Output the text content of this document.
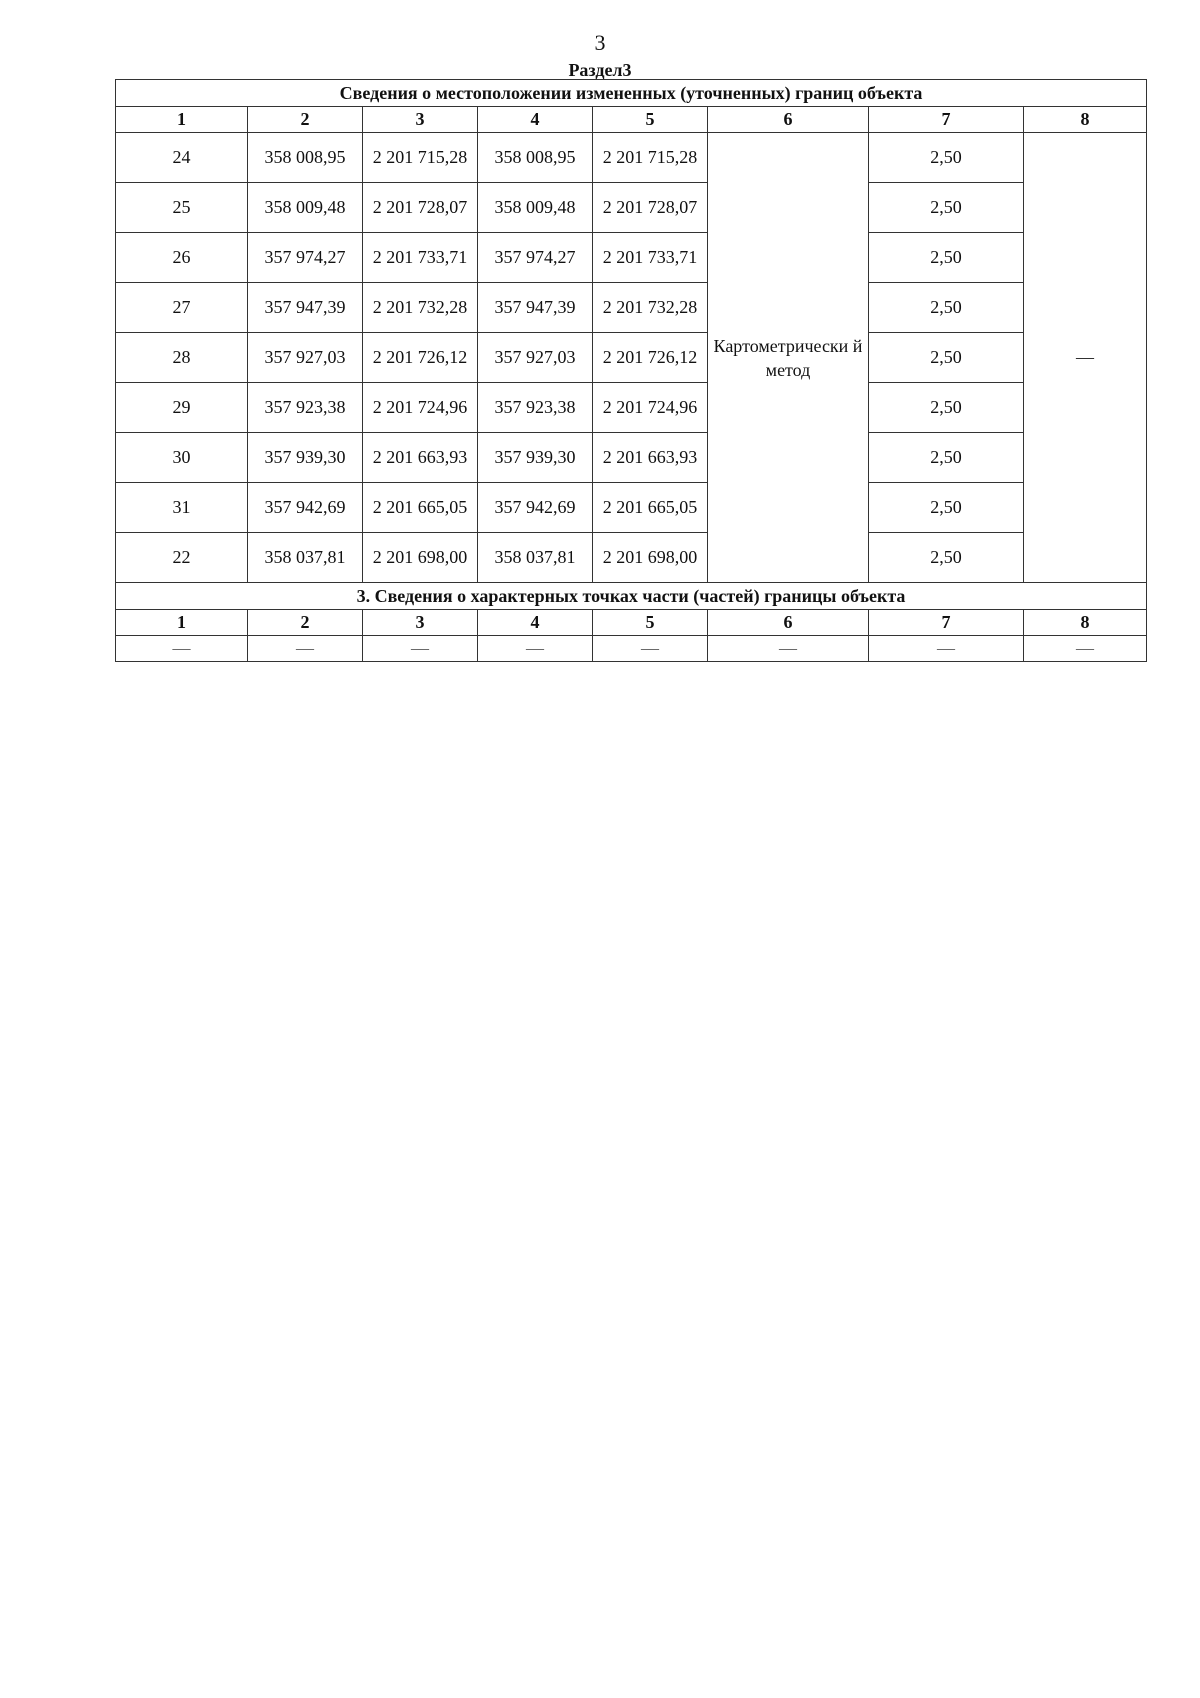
3
Раздел3
Сведения о местоположении измененных (уточненных) границ объекта							
1	2	3	4	5	6	7	8
24	358 008,95	2 201 715,28	358 008,95	2 201 715,28	Картометрически й метод	2,50	—
25	358 009,48	2 201 728,07	358 009,48	2 201 728,07		2,50	
26	357 974,27	2 201 733,71	357 974,27	2 201 733,71		2,50	
27	357 947,39	2 201 732,28	357 947,39	2 201 732,28		2,50	
28	357 927,03	2 201 726,12	357 927,03	2 201 726,12		2,50	
29	357 923,38	2 201 724,96	357 923,38	2 201 724,96		2,50	
30	357 939,30	2 201 663,93	357 939,30	2 201 663,93		2,50	
31	357 942,69	2 201 665,05	357 942,69	2 201 665,05		2,50	
22	358 037,81	2 201 698,00	358 037,81	2 201 698,00		2,50	
3. Сведения о характерных точках части (частей) границы объекта							
1	2	3	4	5	6	7	8
—	—	—	—	—	—	—	—
